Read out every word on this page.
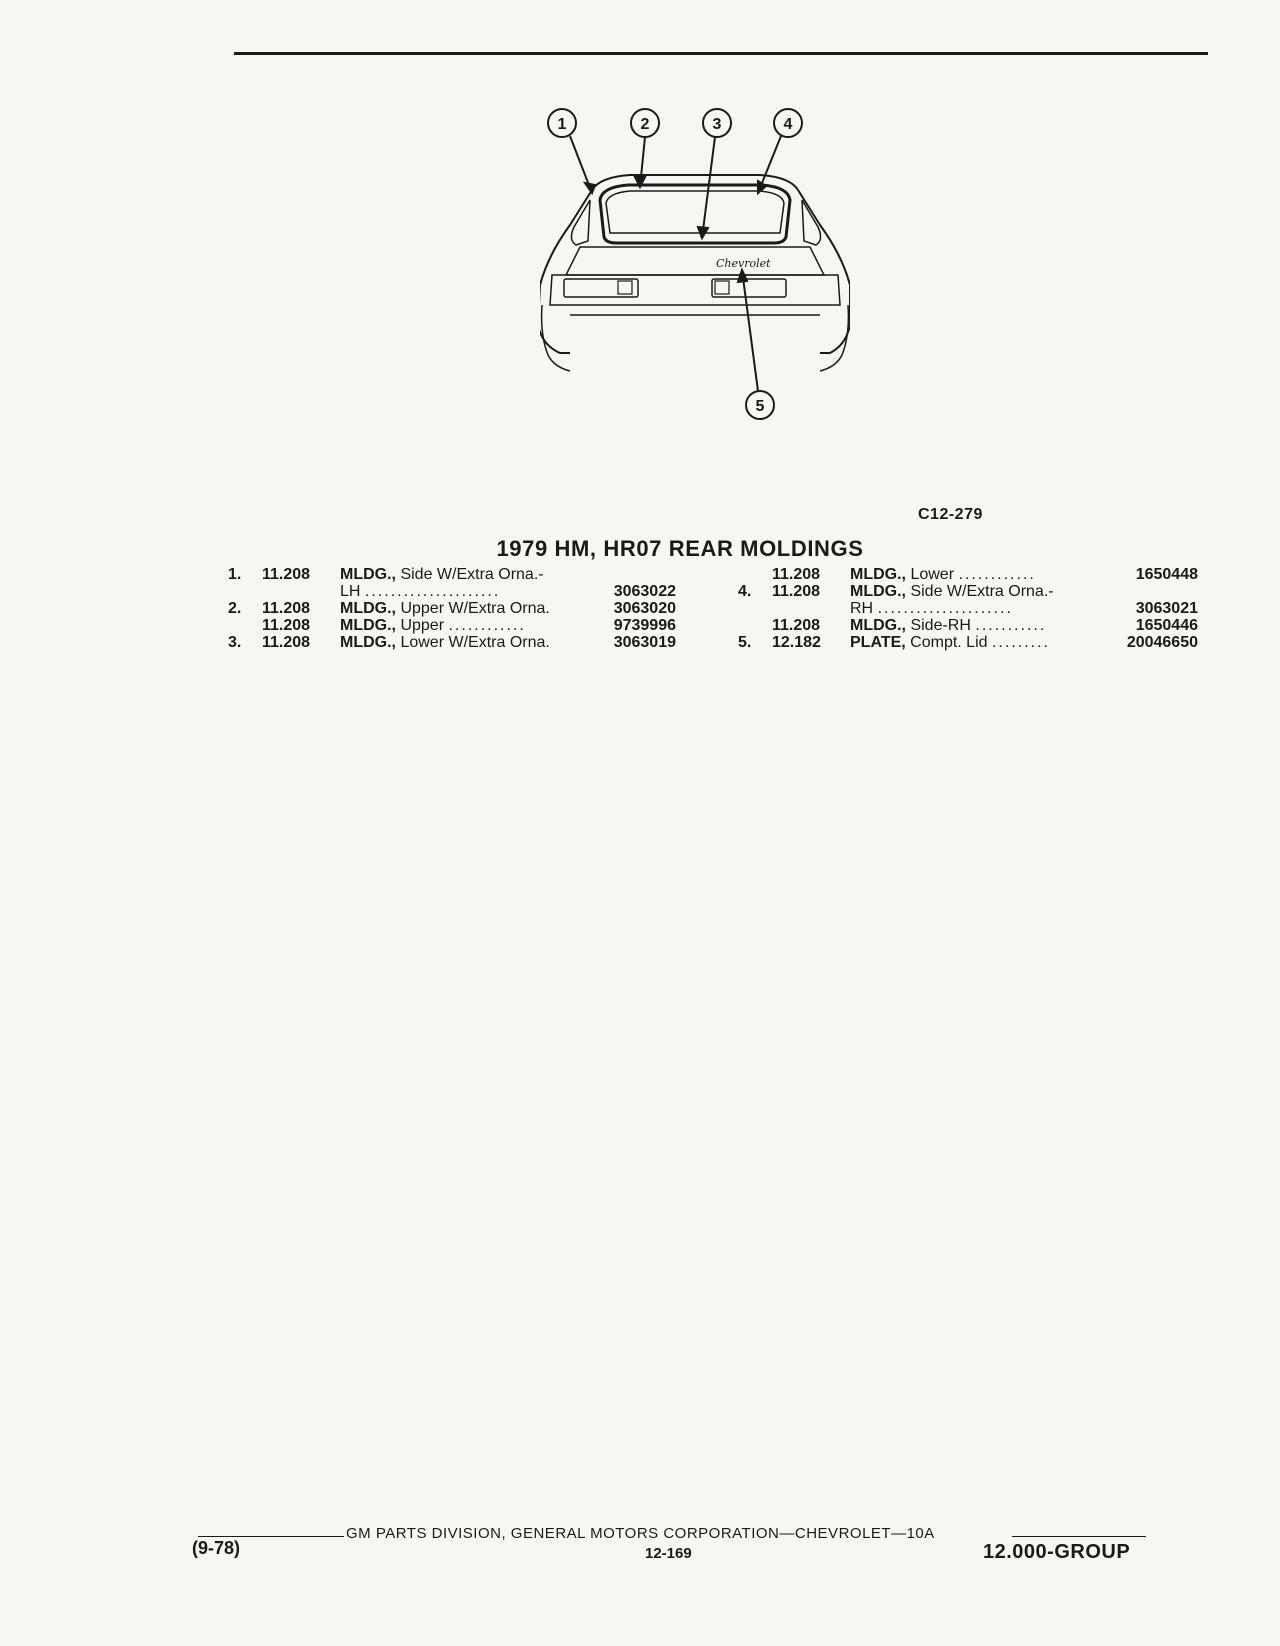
Chevrolet
1	2	3	4
5
C12-279
1979 HM, HR07 REAR MOLDINGS
1. 11.208 MLDG., Side W/Extra Orna.-
LH .....................	3063022
2. 11.208 MLDG., Upper W/Extra Orna.	3063020
11.208 MLDG., Upper ............	9739996
3. 11.208 MLDG., Lower W/Extra Orna.	3063019
11.208 MLDG., Lower ............	1650448
4. 11.208 MLDG., Side W/Extra Orna.-
RH .....................	3063021
11.208 MLDG., Side-RH ...........	1650446
5. 12.182 PLATE, Compt. Lid .........	20046650
GM PARTS DIVISION, GENERAL MOTORS CORPORATION—CHEVROLET—10A
(9-78)	12-169	12.000-GROUP
